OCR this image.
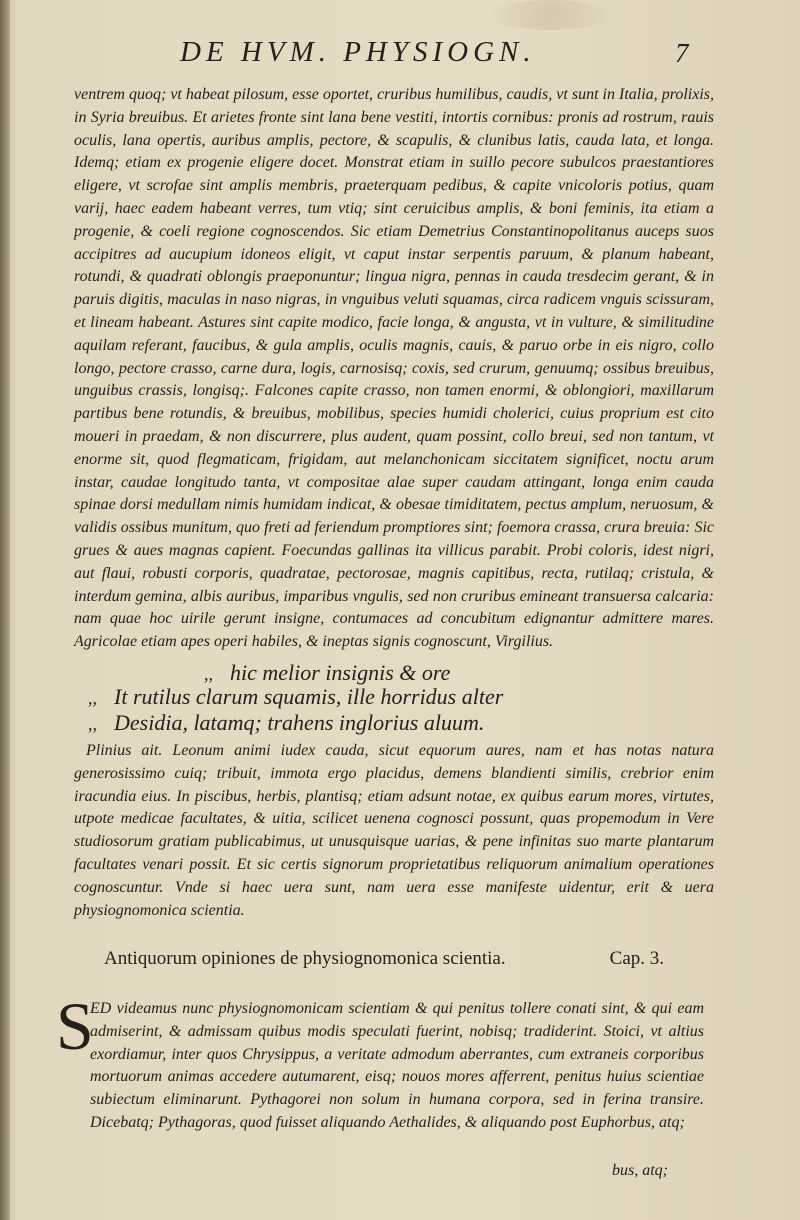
DE HVM. PHYSIOGN.	7

ventrem quoq; vt habeat pilosum, esse oportet, cruribus humilibus, caudis, vt sunt in Italia, prolixis, in Syria breuibus. Et arietes fronte sint lana bene vestiti, intortis cornibus: pronis ad rostrum, rauis oculis, lana opertis, auribus amplis, pectore, & scapulis, & clunibus latis, cauda lata, et longa. Idemq; etiam ex progenie eligere docet. Monstrat etiam in suillo pecore subulcos praestantiores eligere, vt scrofae sint amplis membris, praeterquam pedibus, & capite vnicoloris potius, quam varij, haec eadem habeant verres, tum vtiq; sint ceruicibus amplis, & boni feminis, ita etiam a progenie, & coeli regione cognoscendos. Sic etiam Demetrius Constantinopolitanus auceps suos accipitres ad aucupium idoneos eligit, vt caput instar serpentis paruum, & planum habeant, rotundi, & quadrati oblongis praeponuntur; lingua nigra, pennas in cauda tresdecim gerant, & in paruis digitis, maculas in naso nigras, in vnguibus veluti squamas, circa radicem vnguis scissuram, et lineam habeant. Astures sint capite modico, facie longa, & angusta, vt in vulture, & similitudine aquilam referant, faucibus, & gula amplis, oculis magnis, cauis, & paruo orbe in eis nigro, collo longo, pectore crasso, carne dura, logis, carnosisq; coxis, sed crurum, genuumq; ossibus breuibus, unguibus crassis, longisq;. Falcones capite crasso, non tamen enormi, & oblongiori, maxillarum partibus bene rotundis, & breuibus, mobilibus, species humidi cholerici, cuius proprium est cito moueri in praedam, & non discurrere, plus audent, quam possint, collo breui, sed non tantum, vt enorme sit, quod flegmaticam, frigidam, aut melanchonicam siccitatem significet, noctu arum instar, caudae longitudo tanta, vt compositae alae super caudam attingant, longa enim cauda spinae dorsi medullam nimis humidam indicat, & obesae timiditatem, pectus amplum, neruosum, & validis ossibus munitum, quo freti ad feriendum promptiores sint; foemora crassa, crura breuia: Sic grues & aues magnas capient. Foecundas gallinas ita villicus parabit. Probi coloris, idest nigri, aut flaui, robusti corporis, quadratae, pectorosae, magnis capitibus, recta, rutilaq; cristula, & interdum gemina, albis auribus, imparibus vngulis, sed non cruribus emineant transuersa calcaria: nam quae hoc uirile gerunt insigne, contumaces ad concubitum edignantur admittere mares. Agricolae etiam apes operi habiles, & ineptas signis cognoscunt, Virgilius.

,, hic melior insignis & ore
,, It rutilus clarum squamis, ille horridus alter
,, Desidia, latamq; trahens inglorius aluum.

Plinius ait. Leonum animi iudex cauda, sicut equorum aures, nam et has notas natura generosissimo cuiq; tribuit, immota ergo placidus, demens blandienti similis, crebrior enim iracundia eius. In piscibus, herbis, plantisq; etiam adsunt notae, ex quibus earum mores, virtutes, utpote medicae facultates, & uitia, scilicet uenena cognosci possunt, quas propemodum in Vere studiosorum gratiam publicabimus, ut unusquisque uarias, & pene infinitas suo marte plantarum facultates venari possit. Et sic certis signorum proprietatibus reliquorum animalium operationes cognoscuntur. Vnde si haec uera sunt, nam uera esse manifeste uidentur, erit & uera physiognomonica scientia.

Antiquorum opiniones de physiognomonica scientia.	Cap. 3.
S

ED videamus nunc physiognomonicam scientiam & qui penitus tollere conati sint, & qui eam admiserint, & admissam quibus modis speculati fuerint, nobisq; tradiderint. Stoici, vt altius exordiamur, inter quos Chrysippus, a veritate admodum aberrantes, cum extraneis corporibus mortuorum animas accedere autumarent, eisq; nouos mores afferrent, penitus huius scientiae subiectum eliminarunt. Pythagorei non solum in humana corpora, sed in ferina transire. Dicebatq; Pythagoras, quod fuisset aliquando Aethalides, & aliquando post Euphorbus, atq;

bus, atq;
